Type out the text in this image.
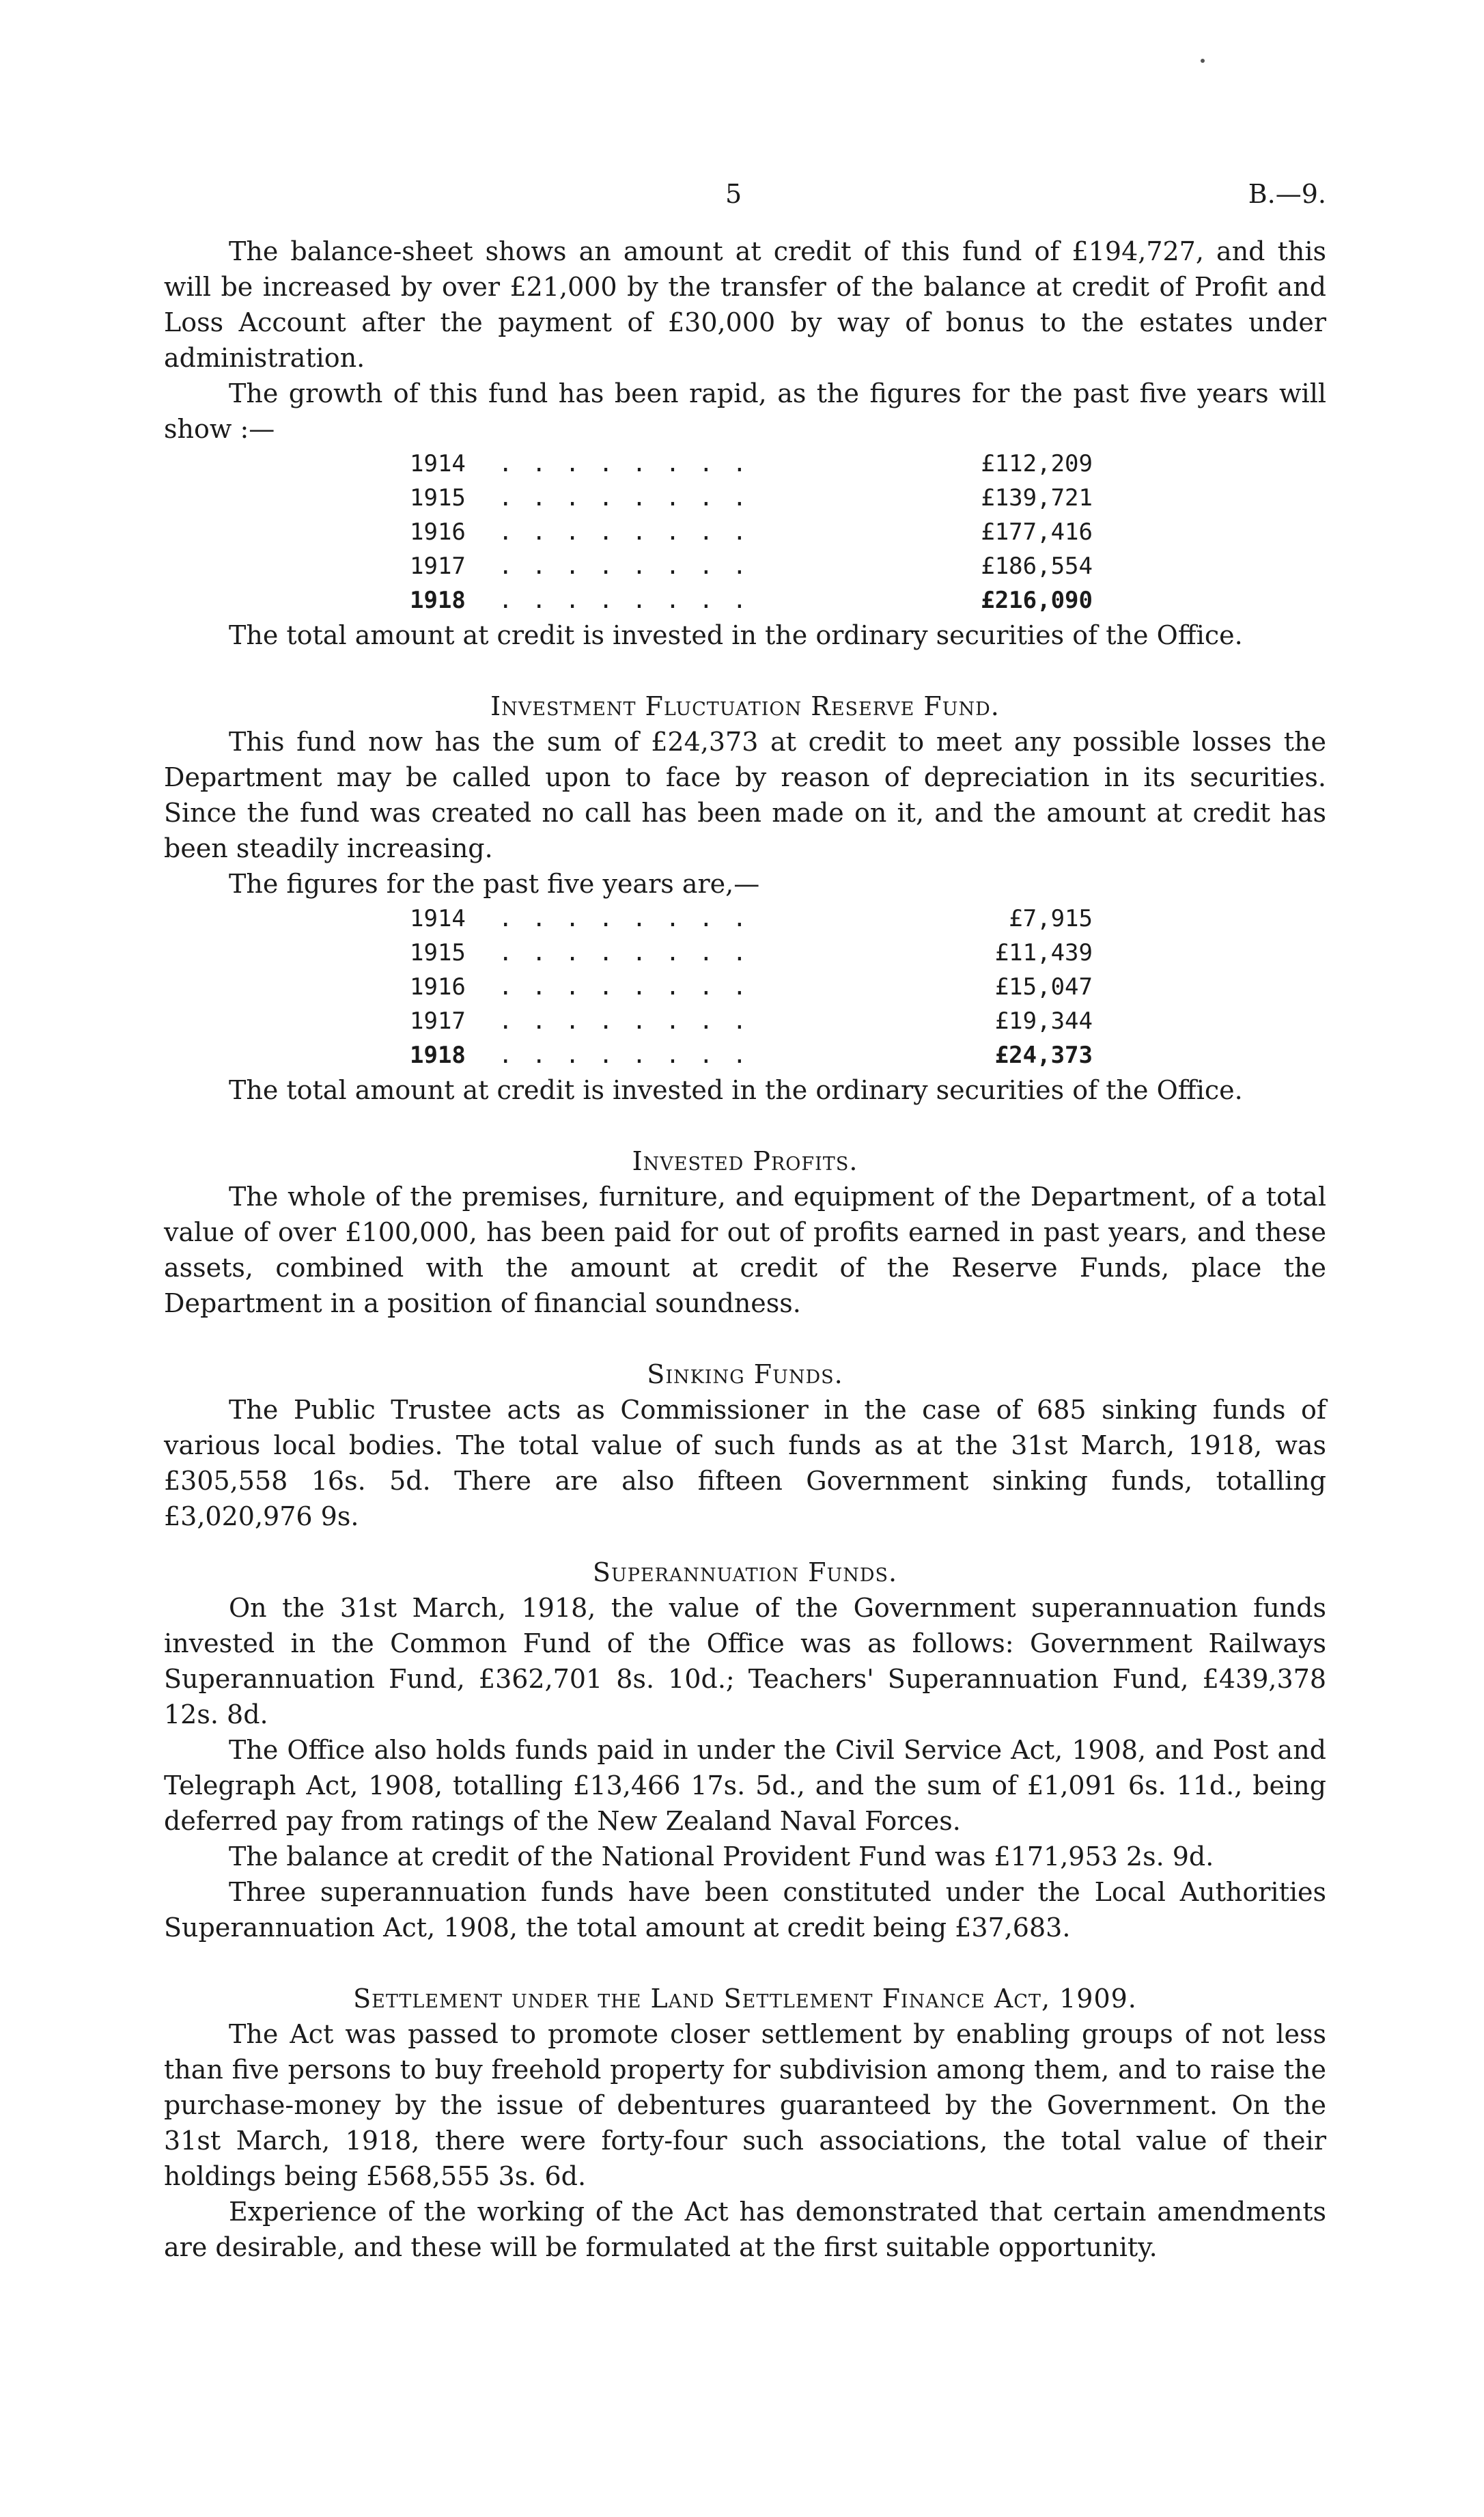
5	B.—9.

The balance-sheet shows an amount at credit of this fund of £194,727, and this will be increased by over £21,000 by the transfer of the balance at credit of Profit and Loss Account after the payment of £30,000 by way of bonus to the estates under administration.

The growth of this fund has been rapid, as the figures for the past five years will show :—

1914	. . . . . . . .	£112,209
1915	. . . . . . . .	£139,721
1916	. . . . . . . .	£177,416
1917	. . . . . . . .	£186,554
1918	. . . . . . . .	£216,090

The total amount at credit is invested in the ordinary securities of the Office.

Investment Fluctuation Reserve Fund.

This fund now has the sum of £24,373 at credit to meet any possible losses the Department may be called upon to face by reason of depreciation in its securities. Since the fund was created no call has been made on it, and the amount at credit has been steadily increasing.

The figures for the past five years are,—

1914	. . . . . . . .	£7,915
1915	. . . . . . . .	£11,439
1916	. . . . . . . .	£15,047
1917	. . . . . . . .	£19,344
1918	. . . . . . . .	£24,373

The total amount at credit is invested in the ordinary securities of the Office.

Invested Profits.

The whole of the premises, furniture, and equipment of the Department, of a total value of over £100,000, has been paid for out of profits earned in past years, and these assets, combined with the amount at credit of the Reserve Funds, place the Department in a position of financial soundness.

Sinking Funds.

The Public Trustee acts as Commissioner in the case of 685 sinking funds of various local bodies. The total value of such funds as at the 31st March, 1918, was £305,558 16s. 5d. There are also fifteen Government sinking funds, totalling £3,020,976 9s.

Superannuation Funds.

On the 31st March, 1918, the value of the Government superannuation funds invested in the Common Fund of the Office was as follows: Government Railways Superannuation Fund, £362,701 8s. 10d.; Teachers' Superannuation Fund, £439,378 12s. 8d.

The Office also holds funds paid in under the Civil Service Act, 1908, and Post and Telegraph Act, 1908, totalling £13,466 17s. 5d., and the sum of £1,091 6s. 11d., being deferred pay from ratings of the New Zealand Naval Forces.

The balance at credit of the National Provident Fund was £171,953 2s. 9d.

Three superannuation funds have been constituted under the Local Authorities Superannuation Act, 1908, the total amount at credit being £37,683.

Settlement under the Land Settlement Finance Act, 1909.

The Act was passed to promote closer settlement by enabling groups of not less than five persons to buy freehold property for subdivision among them, and to raise the purchase-money by the issue of debentures guaranteed by the Government. On the 31st March, 1918, there were forty-four such associations, the total value of their holdings being £568,555 3s. 6d.

Experience of the working of the Act has demonstrated that certain amendments are desirable, and these will be formulated at the first suitable opportunity.
